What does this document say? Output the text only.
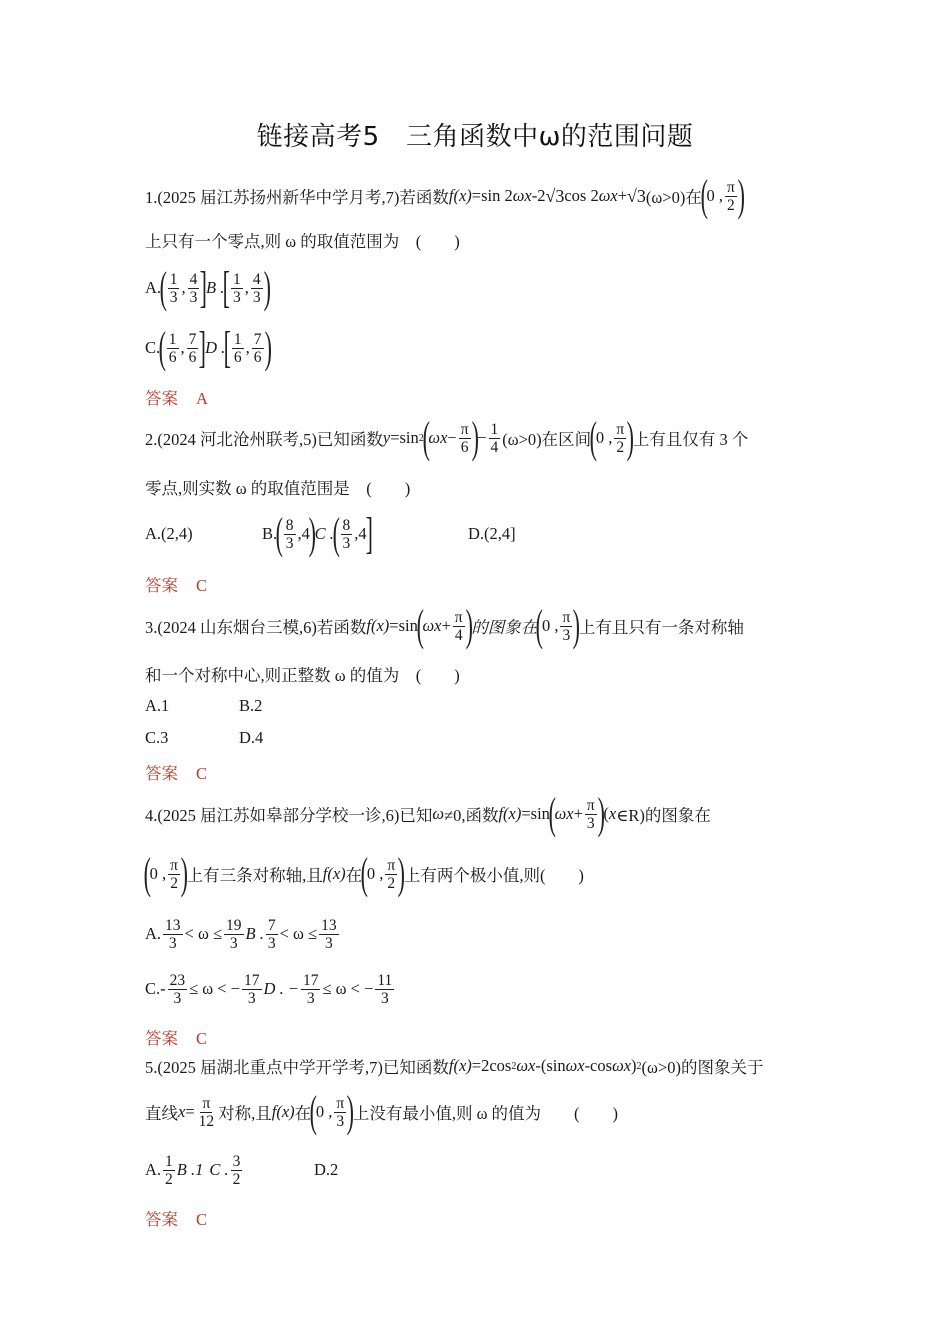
链接高考5　三角函数中ω的范围问题
1.(2025 届江苏扬州新华中学月考,7)若函数 f(x) =sin 2 ωx -2 √3 cos 2 ωx + √3 (ω>0)在
(
0 , $\frac{\pi}{2}$ )
上只有一个零点,则 ω 的取值范围为　(　　)
A.
( $\frac{1}{3}$ , $\frac{4}{3}$ ]
B .
[ $\frac{1}{3}$ , $\frac{4}{3}$ )
C.
( $\frac{1}{6}$ , $\frac{7}{6}$ ]
D .
[ $\frac{1}{6}$ , $\frac{7}{6}$ )
答案 A
2.(2024 河北沧州联考,5)已知函数 y =sin 2
(
$\omega x - \frac{\pi}{6}$ )
− $\frac{1}{4} (\omega>0)$在区间
(
0 , $\frac{\pi}{2}$ )
上有且仅有 3 个
零点,则实数 ω 的取值范围是　(　　)
A.(2,4)	B.
( $\frac{8}{3} ,4$
)
C .
( $\frac{8}{3} ,4$
]	D.(2,4]
答案 C
3.(2024 山东烟台三模,6)若函数 f(x) =sin
(
$\omega x + \frac{\pi}{4}$ )
的图象在
(
0 , $\frac{\pi}{3}$ )
上有且只有一条对称轴
和一个对称中心,则正整数 ω 的值为　(　　)
A.1	B.2
C.3	D.4
答案 C
4.(2025 届江苏如皋部分学校一诊,6)已知 ω ≠0,函数 f(x) =sin
(
$\omega x + \frac{\pi}{3}$ )
( x ∈R)的图象在
(
0 , $\frac{\pi}{2}$ )
上有三条对称轴,且 f(x) 在
(
0 , $\frac{\pi}{2}$ )
上有两个极小值,则(　　)
A. $\frac{13}{3} < \omega \le \frac{19}{3}$ B . $\frac{7}{3} < \omega \le \frac{13}{3}$
$C.- \frac{23}{3} \le \omega$ < − $\frac{17}{3}$ D . − $\frac{17}{3} \le \omega$ < − $\frac{11}{3}$
答案 C
5.(2025 届湖北重点中学开学考,7)已知函数 f(x) =2cos 2 ωx -(sin ωx -cos ωx ) 2 (ω>0)的图象关于
直线 $x = \frac{\pi}{12}$ 对称,且 f(x) 在
(
0 , $\frac{\pi}{3}$ )
上没有最小值,则 ω 的值为　　(　　)
A. $\frac{1}{2}$ B .1 C . $\frac{3}{2}$	D.2
答案 C
